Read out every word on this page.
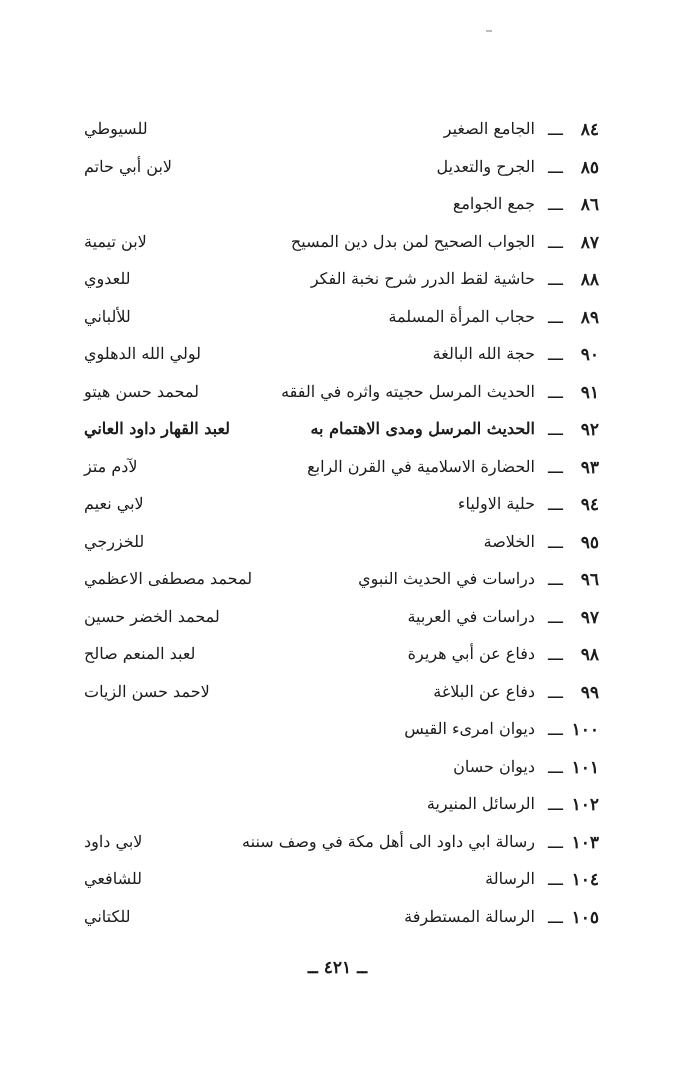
٨٤
ـــ
الجامع الصغير
للسيوطي
٨٥
ـــ
الجرح والتعديل
لابن أبي حاتم
٨٦
ـــ
جمع الجوامع
٨٧
ـــ
الجواب الصحيح لمن بدل دين المسيح
لابن تيمية
٨٨
ـــ
حاشية لقط الدرر شرح نخبة الفكر
للعدوي
٨٩
ـــ
حجاب المرأة المسلمة
للألباني
٩٠
ـــ
حجة الله البالغة
لولي الله الدهلوي
٩١
ـــ
الحديث المرسل حجيته واثره في الفقه
لمحمد حسن هيتو
٩٢
ـــ
الحديث المرسل ومدى الاهتمام به
لعبد القهار داود العاني
٩٣
ـــ
الحضارة الاسلامية في القرن الرابع
لآدم متز
٩٤
ـــ
حلية الاولياء
لابي نعيم
٩٥
ـــ
الخلاصة
للخزرجي
٩٦
ـــ
دراسات في الحديث النبوي
لمحمد مصطفى الاعظمي
٩٧
ـــ
دراسات في العربية
لمحمد الخضر حسين
٩٨
ـــ
دفاع عن أبي هريرة
لعبد المنعم صالح
٩٩
ـــ
دفاع عن البلاغة
لاحمد حسن الزيات
١٠٠
ـــ
ديوان امرىء القيس
١٠١
ـــ
ديوان حسان
١٠٢
ـــ
الرسائل المنيرية
١٠٣
ـــ
رسالة ابي داود الى أهل مكة في وصف سننه
لابي داود
١٠٤
ـــ
الرسالة
للشافعي
١٠٥
ـــ
الرسالة المستطرفة
للكتاني
ــ ٤٢١ ــ
